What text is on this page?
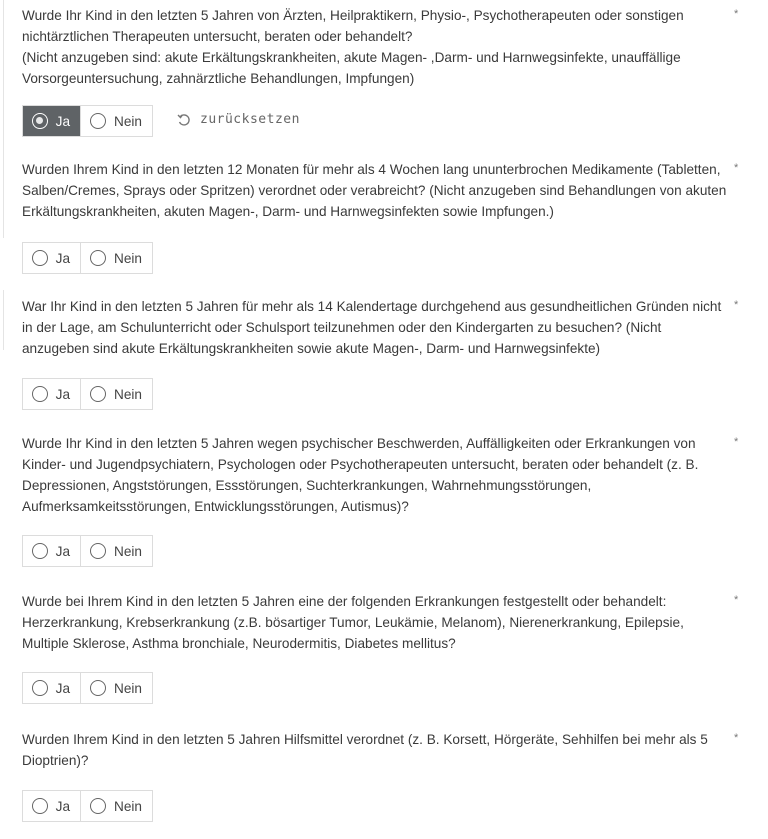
Wurde Ihr Kind in den letzten 5 Jahren von Ärzten, Heilpraktikern, Physio-, Psychotherapeuten oder sonstigen nichtärztlichen Therapeuten untersucht, beraten oder behandelt?
(Nicht anzugeben sind: akute Erkältungskrankheiten, akute Magen- ,Darm- und Harnwegsinfekte, unauffällige Vorsorgeuntersuchung, zahnärztliche Behandlungen, Impfungen)
*
Ja	Nein	zurücksetzen
Wurden Ihrem Kind in den letzten 12 Monaten für mehr als 4 Wochen lang ununterbrochen Medikamente (Tabletten, Salben/Cremes, Sprays oder Spritzen) verordnet oder verabreicht? (Nicht anzugeben sind Behandlungen von akuten Erkältungskrankheiten, akuten Magen-, Darm- und Harnwegsinfekten sowie Impfungen.)
*
Ja	Nein
War Ihr Kind in den letzten 5 Jahren für mehr als 14 Kalendertage durchgehend aus gesundheitlichen Gründen nicht in der Lage, am Schulunterricht oder Schulsport teilzunehmen oder den Kindergarten zu besuchen? (Nicht anzugeben sind akute Erkältungskrankheiten sowie akute Magen-, Darm- und Harnwegsinfekte)
*
Ja	Nein
Wurde Ihr Kind in den letzten 5 Jahren wegen psychischer Beschwerden, Auffälligkeiten oder Erkrankungen von Kinder- und Jugendpsychiatern, Psychologen oder Psychotherapeuten untersucht, beraten oder behandelt (z. B. Depressionen, Angststörungen, Essstörungen, Suchterkrankungen, Wahrnehmungsstörungen, Aufmerksamkeitsstörungen, Entwicklungsstörungen, Autismus)?
*
Ja	Nein
Wurde bei Ihrem Kind in den letzten 5 Jahren eine der folgenden Erkrankungen festgestellt oder behandelt: Herzerkrankung, Krebserkrankung (z.B. bösartiger Tumor, Leukämie, Melanom), Nierenerkrankung, Epilepsie, Multiple Sklerose, Asthma bronchiale, Neurodermitis, Diabetes mellitus?
*
Ja	Nein
Wurden Ihrem Kind in den letzten 5 Jahren Hilfsmittel verordnet (z. B. Korsett, Hörgeräte, Sehhilfen bei mehr als 5 Dioptrien)?
*
Ja	Nein
